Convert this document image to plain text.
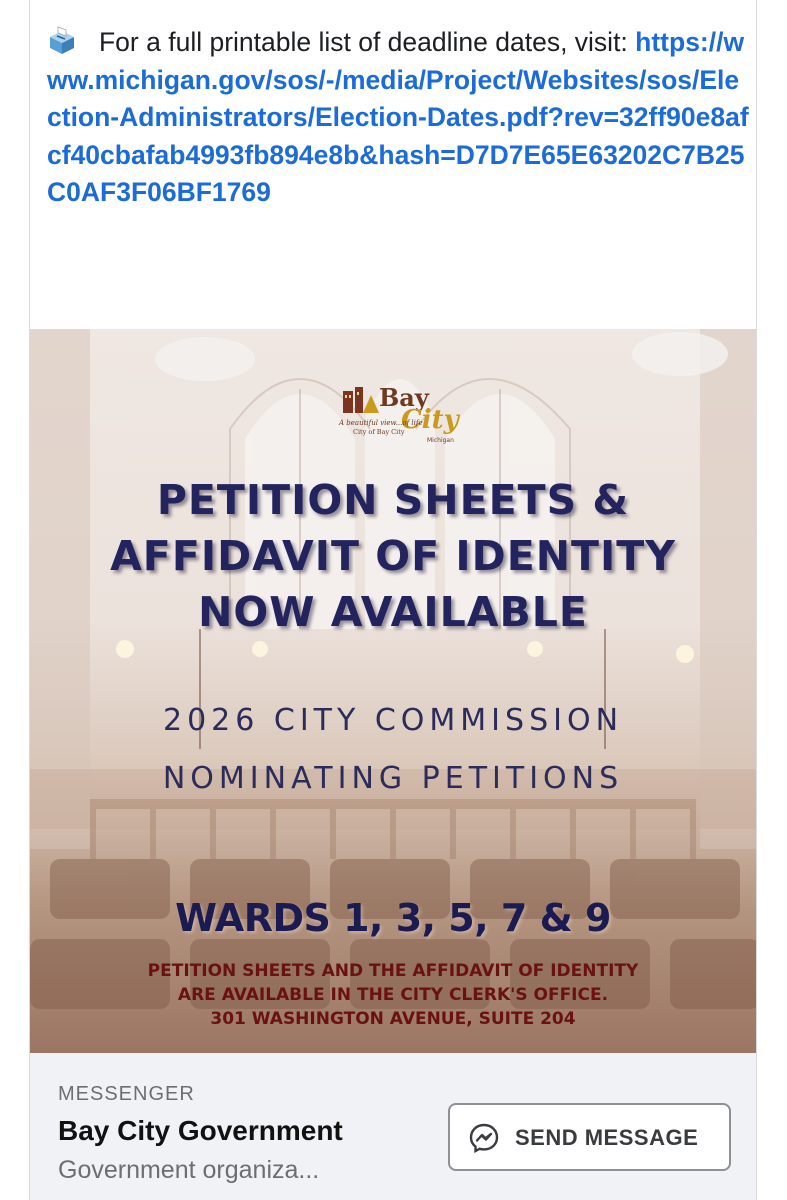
For a full printable list of deadline dates, visit: https://www.michigan.gov/sos/-/media/Project/Websites/sos/Election-Administrators/Election-Dates.pdf?rev=32ff90e8afcf40cbafab4993fb894e8b&hash=D7D7E65E63202C7B25C0AF3F06BF1769
Bay
City
A beautiful view...of life
City of Bay City
Michigan
PETITION SHEETS &
AFFIDAVIT OF IDENTITY
NOW AVAILABLE
2026 CITY COMMISSION
NOMINATING PETITIONS
WARDS 1, 3, 5, 7 & 9
PETITION SHEETS AND THE AFFIDAVIT OF IDENTITY
ARE AVAILABLE IN THE CITY CLERK'S OFFICE.
301 WASHINGTON AVENUE, SUITE 204
MESSENGER
Bay City Government
Government organiza...
SEND MESSAGE
